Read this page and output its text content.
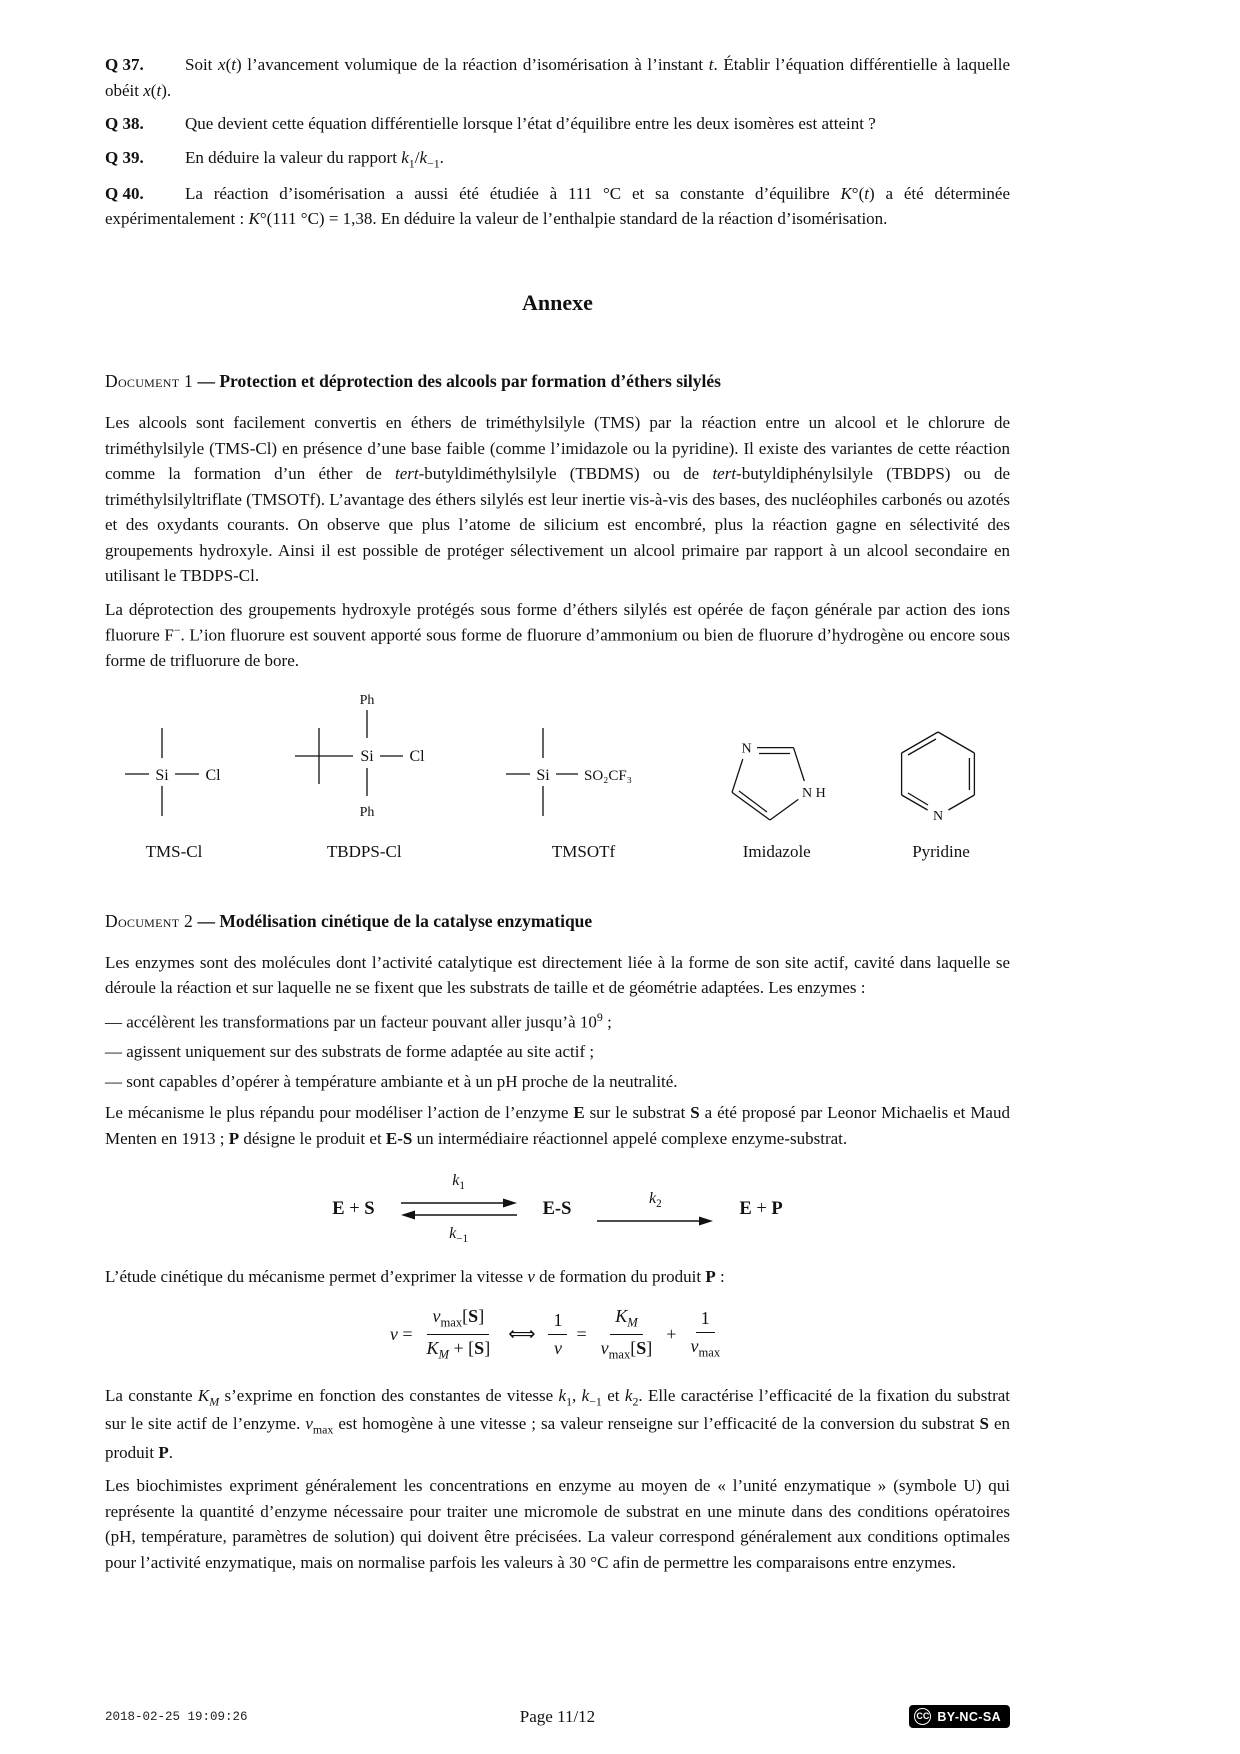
Q 37. Soit x(t) l’avancement volumique de la réaction d’isomérisation à l’instant t. Établir l’équation différentielle à laquelle obéit x(t).

Q 38. Que devient cette équation différentielle lorsque l’état d’équilibre entre les deux isomères est atteint ?

Q 39. En déduire la valeur du rapport $k_1/k_{-1}$.

Q 40. La réaction d’isomérisation a aussi été étudiée à 111 °C et sa constante d’équilibre K°(t) a été déterminée expérimentalement : K°(111 °C) = 1,38. En déduire la valeur de l’enthalpie standard de la réaction d’isomérisation.

Annexe

Document 1 — Protection et déprotection des alcools par formation d’éthers silylés

Les alcools sont facilement convertis en éthers de triméthylsilyle (TMS) par la réaction entre un alcool et le chlorure de triméthylsilyle (TMS-Cl) en présence d’une base faible (comme l’imidazole ou la pyridine). Il existe des variantes de cette réaction comme la formation d’un éther de tert-butyldiméthylsilyle (TBDMS) ou de tert-butyldiphénylsilyle (TBDPS) ou de triméthylsilyltriflate (TMSOTf). L’avantage des éthers silylés est leur inertie vis-à-vis des bases, des nucléophiles carbonés ou azotés et des oxydants courants. On observe que plus l’atome de silicium est encombré, plus la réaction gagne en sélectivité des groupements hydroxyle. Ainsi il est possible de protéger sélectivement un alcool primaire par rapport à un alcool secondaire en utilisant le TBDPS-Cl.

La déprotection des groupements hydroxyle protégés sous forme d’éthers silylés est opérée de façon générale par action des ions fluorure F−. L’ion fluorure est souvent apporté sous forme de fluorure d’ammonium ou bien de fluorure d’hydrogène ou encore sous forme de trifluorure de bore.

Si Cl
TMS-Cl
Ph
Si Cl
Ph
TBDPS-Cl
Si SO₂CF₃
TMSOTf
N
N H
Imidazole
N
Pyridine

Document 2 — Modélisation cinétique de la catalyse enzymatique

Les enzymes sont des molécules dont l’activité catalytique est directement liée à la forme de son site actif, cavité dans laquelle se déroule la réaction et sur laquelle ne se fixent que les substrats de taille et de géométrie adaptées. Les enzymes :

— accélèrent les transformations par un facteur pouvant aller jusqu’à $10^9$ ;

— agissent uniquement sur des substrats de forme adaptée au site actif ;

— sont capables d’opérer à température ambiante et à un pH proche de la neutralité.

Le mécanisme le plus répandu pour modéliser l’action de l’enzyme E sur le substrat S a été proposé par Leonor Michaelis et Maud Menten en 1913 ; P désigne le produit et E-S un intermédiaire réactionnel appelé complexe enzyme-substrat.

E + S
$k_1$
$k_{-1}$
E-S
$k_2$	E + P

L’étude cinétique du mécanisme permet d’exprimer la vitesse v de formation du produit P :

$v = \frac{v_{max}[S]}{K_M + [S]}$ ⟺ $\frac{1}{v} = \frac{K_M}{v_{max}[S]} + \frac{1}{v_{max}}$

La constante $K_M$ s’exprime en fonction des constantes de vitesse $k_1$, $k_{-1}$ et $k_2$. Elle caractérise l’efficacité de la fixation du substrat sur le site actif de l’enzyme. $v_{max}$ est homogène à une vitesse ; sa valeur renseigne sur l’efficacité de la conversion du substrat S en produit P.

Les biochimistes expriment généralement les concentrations en enzyme au moyen de « l’unité enzymatique » (symbole U) qui représente la quantité d’enzyme nécessaire pour traiter une micromole de substrat en une minute dans des conditions opératoires (pH, température, paramètres de solution) qui doivent être précisées. La valeur correspond généralement aux conditions optimales pour l’activité enzymatique, mais on normalise parfois les valeurs à 30 °C afin de permettre les comparaisons entre enzymes.

2018-02-25 19:09:26	Page 11/12	CC BY-NC-SA
